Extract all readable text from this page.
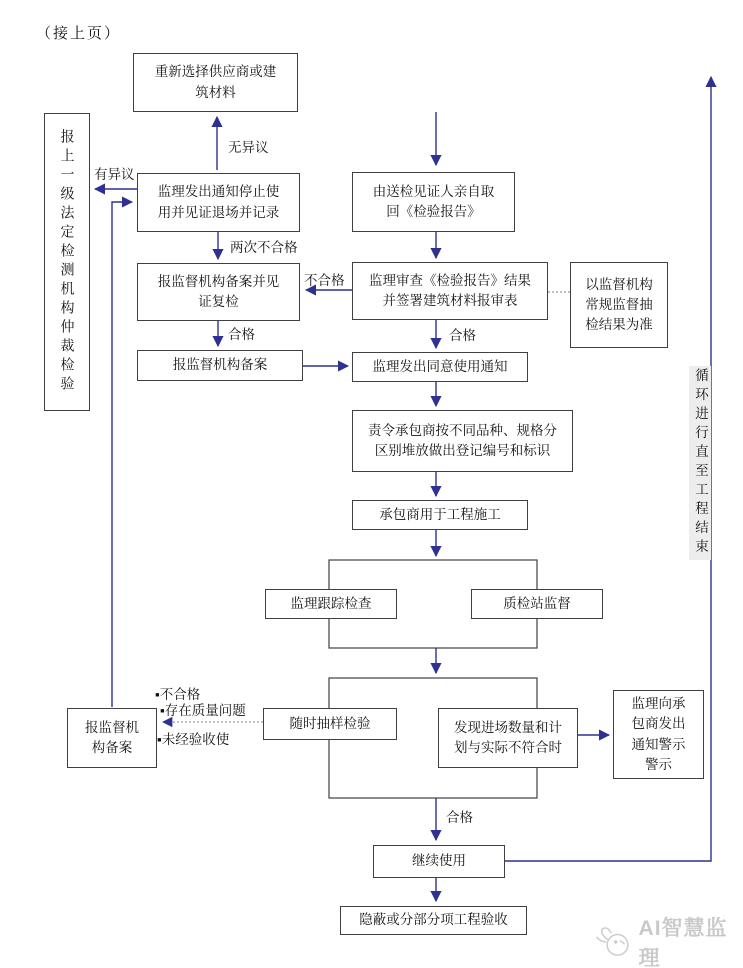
（接上页）
重新选择供应商或建
筑材料
报上一级法定检测机构仲裁检验	监理发出通知停止使
用并见证退场并记录
报监督机构备案并见
证复检
报监督机构备案
由送检见证人亲自取
回《检验报告》
监理审查《检验报告》结果
并签署建筑材料报审表
以监督机构
常规监督抽
检结果为准
监理发出同意使用通知
责令承包商按不同品种、规格分
区别堆放做出登记编号和标识
承包商用于工程施工
监理跟踪检查	质检站监督
随时抽样检验	发现进场数量和计
划与实际不符合时
监理向承
包商发出
通知警示
警示
报监督机
构备案
继续使用
隐蔽或分部分项工程验收
无异议
有异议
两次不合格
不合格
合格	合格
合格
▪不合格
▪存在质量问题
▪未经验收使
循环进行直至工程结束
AI智慧监理
